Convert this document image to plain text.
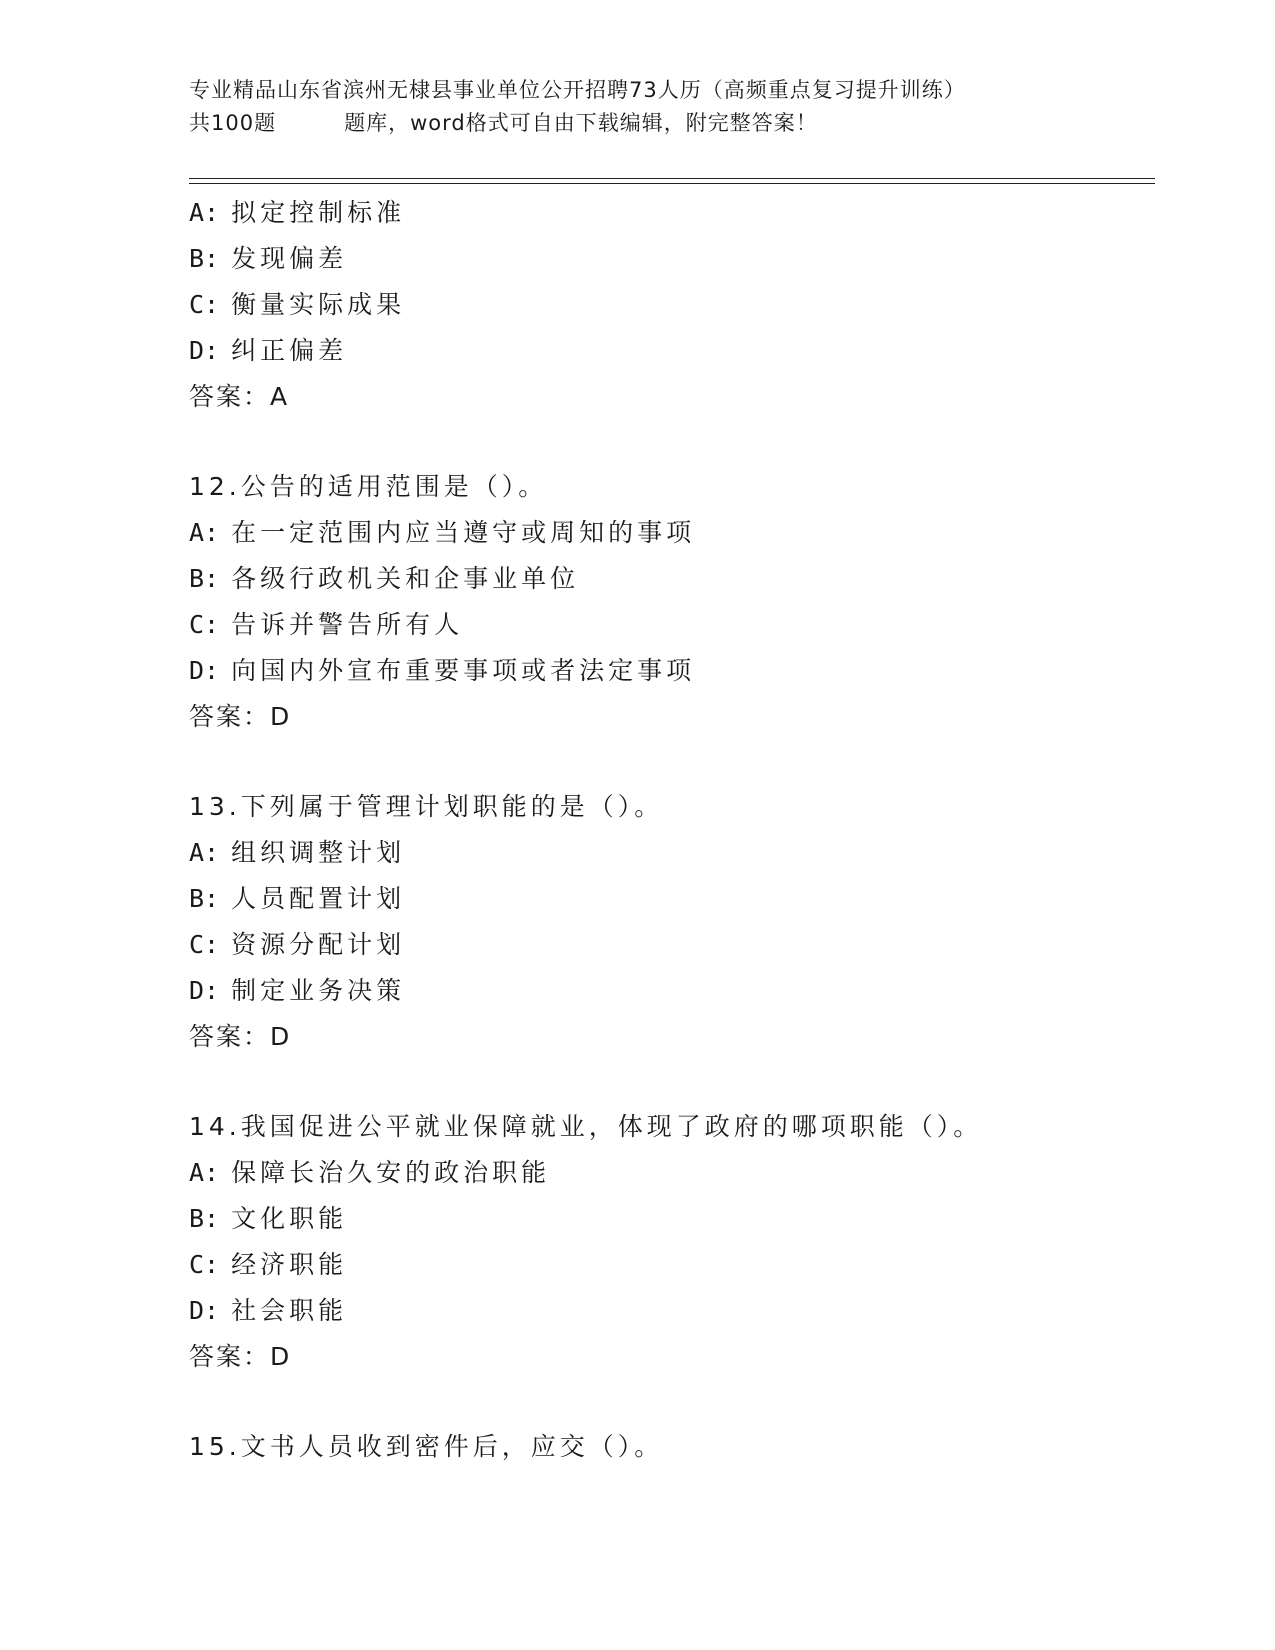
专业精品山东省滨州无棣县事业单位公开招聘73人历（高频重点复习提升训练）
共100题	题库，word格式可自由下载编辑，附完整答案！
A: 拟定控制标准
B: 发现偏差
C: 衡量实际成果
D: 纠正偏差
答案：A
12.公告的适用范围是（）。
A: 在一定范围内应当遵守或周知的事项
B: 各级行政机关和企事业单位
C: 告诉并警告所有人
D: 向国内外宣布重要事项或者法定事项
答案：D
13.下列属于管理计划职能的是（）。
A: 组织调整计划
B: 人员配置计划
C: 资源分配计划
D: 制定业务决策
答案：D
14.我国促进公平就业保障就业，体现了政府的哪项职能（）。
A: 保障长治久安的政治职能
B: 文化职能
C: 经济职能
D: 社会职能
答案：D
15.文书人员收到密件后，应交（）。
